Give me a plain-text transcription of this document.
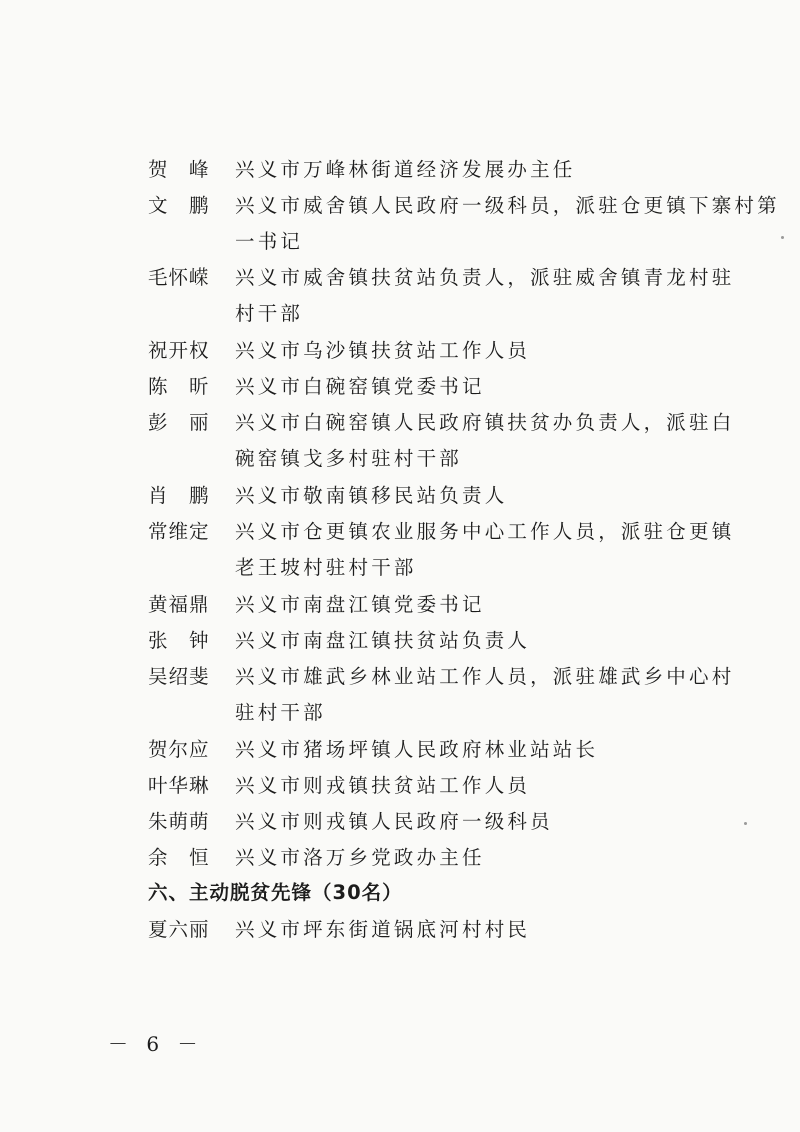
贺　峰	兴义市万峰林街道经济发展办主任
文　鹏	兴义市威舍镇人民政府一级科员，派驻仓更镇下寨村第
一书记
毛怀嵘	兴义市威舍镇扶贫站负责人，派驻威舍镇青龙村驻
村干部
祝开权	兴义市乌沙镇扶贫站工作人员
陈　昕	兴义市白碗窑镇党委书记
彭　丽	兴义市白碗窑镇人民政府镇扶贫办负责人，派驻白
碗窑镇戈多村驻村干部
肖　鹏	兴义市敬南镇移民站负责人
常维定	兴义市仓更镇农业服务中心工作人员，派驻仓更镇
老王坡村驻村干部
黄福鼎	兴义市南盘江镇党委书记
张　钟	兴义市南盘江镇扶贫站负责人
吴绍斐	兴义市雄武乡林业站工作人员，派驻雄武乡中心村
驻村干部
贺尔应	兴义市猪场坪镇人民政府林业站站长
叶华琳	兴义市则戎镇扶贫站工作人员
朱萌萌	兴义市则戎镇人民政府一级科员
余　恒	兴义市洛万乡党政办主任
六、主动脱贫先锋（30名）
夏六丽	兴义市坪东街道锅底河村村民
－ 6 －
